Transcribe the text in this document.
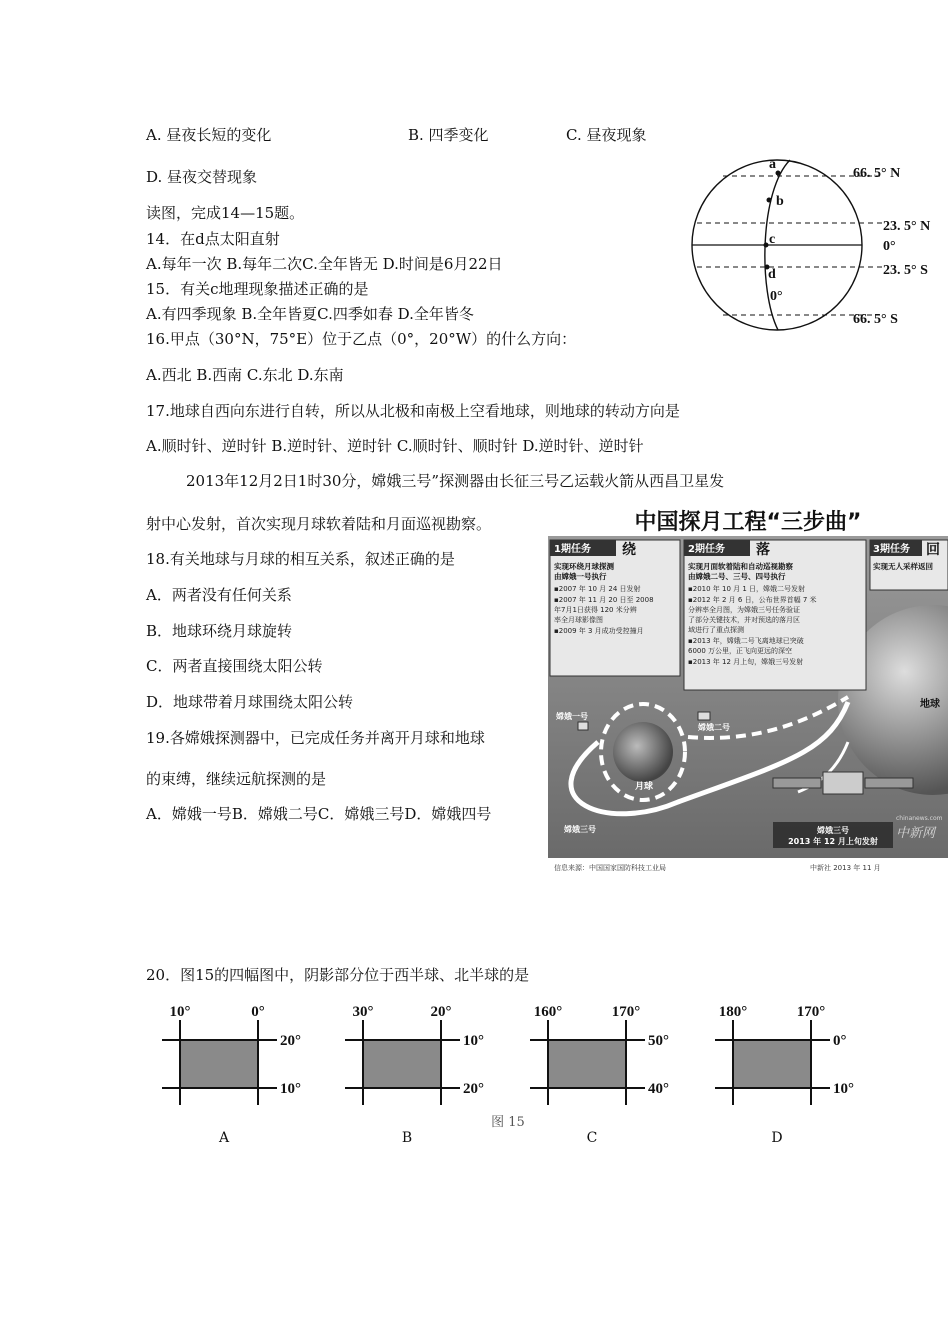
A. 昼夜长短的变化	B. 四季变化	C. 昼夜现象
D. 昼夜交替现象
读图，完成14—15题。
14．在d点太阳直射
A.每年一次 B.每年二次C.全年皆无 D.时间是6月22日
15．有关c地理现象描述正确的是
A.有四季现象 B.全年皆夏C.四季如春 D.全年皆冬
16.甲点（30°N，75°E）位于乙点（0°，20°W）的什么方向：
A.西北 B.西南 C.东北 D.东南
17.地球自西向东进行自转，所以从北极和南极上空看地球，则地球的转动方向是
A.顺时针、逆时针 B.逆时针、逆时针 C.顺时针、顺时针 D.逆时针、逆时针
2013年12月2日1时30分，嫦娥三号”探测器由长征三号乙运载火箭从西昌卫星发
射中心发射，首次实现月球软着陆和月面巡视勘察。
18.有关地球与月球的相互关系，叙述正确的是
A．两者没有任何关系
B．地球环绕月球旋转
C．两者直接围绕太阳公转
D．地球带着月球围绕太阳公转
19.各嫦娥探测器中，已完成任务并离开月球和地球
的束缚，继续远航探测的是
A．嫦娥一号B．嫦娥二号C．嫦娥三号D．嫦娥四号
20．图15的四幅图中，阴影部分位于西半球、北半球的是
a
b
c
d
0°
66. 5° N
23. 5° N
0°
23. 5° S
66. 5° S
中国探月工程“三步曲”
地球
1期任务 绕
实现环绕月球探测由嫦娥一号执行
▪2007 年 10 月 24 日发射 ▪2007 年 11 月 20 日至 2008 年7月1日获得 120 米分辨 率全月球影像图 ▪2009 年 3 月成功受控撞月
2期任务 落
实现月面软着陆和自动巡视勘察由嫦娥二号、三号、四号执行
▪2010 年 10 月 1 日，嫦娥二号发射 ▪2012 年 2 月 6 日，公布世界首幅 7 米 分辨率全月图，为嫦娥三号任务验证 了部分关键技术，并对预选的落月区 域进行了重点探测 ▪2013 年，嫦娥二号飞离地球已突破 6000 万公里，正飞向更远的深空 ▪2013 年 12 月上旬，嫦娥三号发射
3期任务 回
实现无人采样返回
月球
嫦娥一号
嫦娥二号
嫦娥三号	嫦娥三号
2013 年 12 月上旬发射
中新网
chinanews.com
信息来源：中国国家国防科技工业局	中新社 2013 年 11 月
10°	0°
20°
10°
A
30°	20°
10°
20°
B
160°	170°
50°
40°
C
180°	170°
0°
10°
D
图 15
